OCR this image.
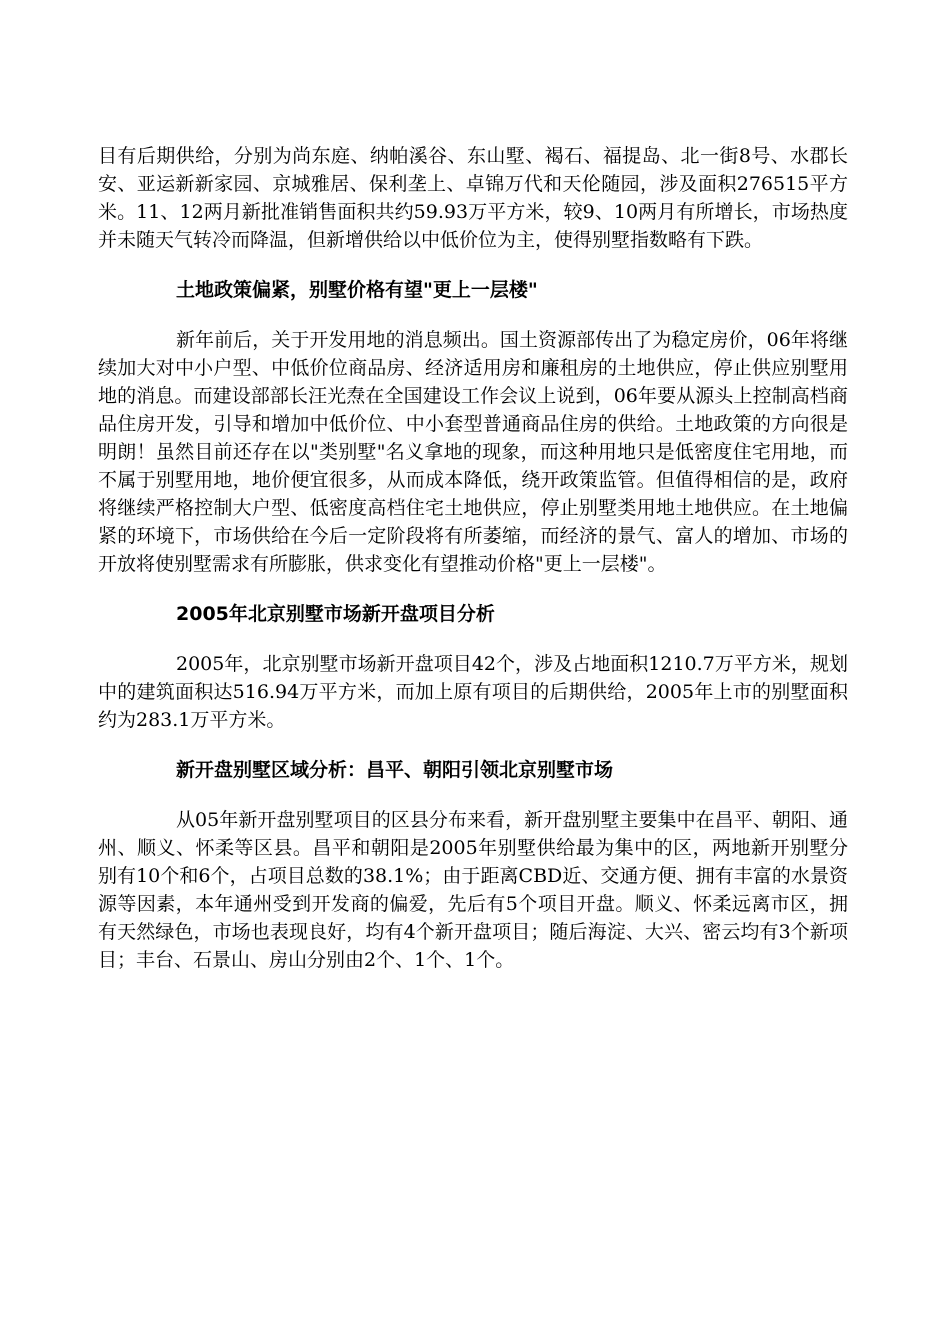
目有后期供给，分别为尚东庭、纳帕溪谷、东山墅、褐石、福提岛、北一街8号、水郡长安、亚运新新家园、京城雅居、保利垄上、卓锦万代和天伦随园，涉及面积276515平方米。11、12两月新批准销售面积共约59.93万平方米，较9、10两月有所增长，市场热度并未随天气转冷而降温，但新增供给以中低价位为主，使得别墅指数略有下跌。

土地政策偏紧，别墅价格有望"更上一层楼"

新年前后，关于开发用地的消息频出。国土资源部传出了为稳定房价，06年将继续加大对中小户型、中低价位商品房、经济适用房和廉租房的土地供应，停止供应别墅用地的消息。而建设部部长汪光焘在全国建设工作会议上说到，06年要从源头上控制高档商品住房开发，引导和增加中低价位、中小套型普通商品住房的供给。土地政策的方向很是明朗！虽然目前还存在以"类别墅"名义拿地的现象，而这种用地只是低密度住宅用地，而不属于别墅用地，地价便宜很多，从而成本降低，绕开政策监管。但值得相信的是，政府将继续严格控制大户型、低密度高档住宅土地供应，停止别墅类用地土地供应。在土地偏紧的环境下，市场供给在今后一定阶段将有所萎缩，而经济的景气、富人的增加、市场的开放将使别墅需求有所膨胀，供求变化有望推动价格"更上一层楼"。

2005年北京别墅市场新开盘项目分析

2005年，北京别墅市场新开盘项目42个，涉及占地面积1210.7万平方米，规划中的建筑面积达516.94万平方米，而加上原有项目的后期供给，2005年上市的别墅面积约为283.1万平方米。

新开盘别墅区域分析：昌平、朝阳引领北京别墅市场

从05年新开盘别墅项目的区县分布来看，新开盘别墅主要集中在昌平、朝阳、通州、顺义、怀柔等区县。昌平和朝阳是2005年别墅供给最为集中的区，两地新开别墅分别有10个和6个，占项目总数的38.1%；由于距离CBD近、交通方便、拥有丰富的水景资源等因素，本年通州受到开发商的偏爱，先后有5个项目开盘。顺义、怀柔远离市区，拥有天然绿色，市场也表现良好，均有4个新开盘项目；随后海淀、大兴、密云均有3个新项目；丰台、石景山、房山分别由2个、1个、1个。
